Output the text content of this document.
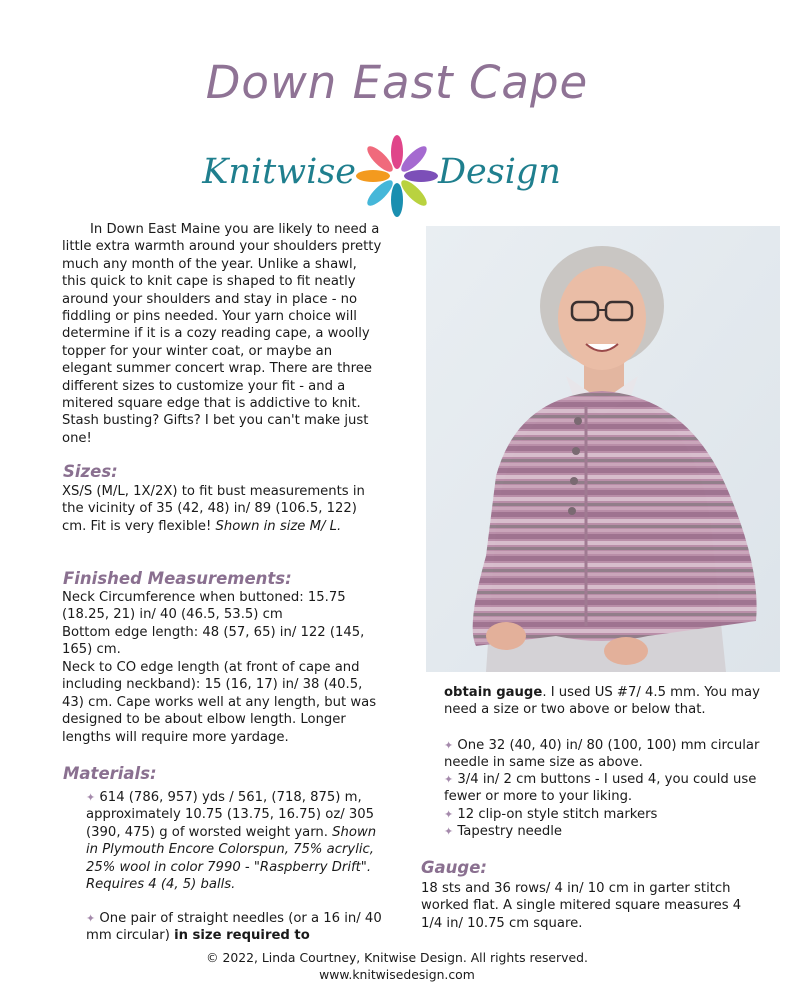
Down East Cape
Knitwise Design

In Down East Maine you are likely to need a little extra warmth around your shoulders pretty much any month of the year. Unlike a shawl, this quick to knit cape is shaped to fit neatly around your shoulders and stay in place - no fiddling or pins needed. Your yarn choice will determine if it is a cozy reading cape, a woolly topper for your winter coat, or maybe an elegant summer concert wrap. There are three different sizes to customize your fit - and a mitered square edge that is addictive to knit. Stash busting? Gifts? I bet you can't make just one!

Sizes:

XS/S (M/L, 1X/2X) to fit bust measurements in the vicinity of 35 (42, 48) in/ 89 (106.5, 122) cm. Fit is very flexible! Shown in size M/ L.

Finished Measurements:

Neck Circumference when buttoned: 15.75 (18.25, 21) in/ 40 (46.5, 53.5) cm

Bottom edge length: 48 (57, 65) in/ 122 (145, 165) cm.

Neck to CO edge length (at front of cape and including neckband): 15 (16, 17) in/ 38 (40.5, 43) cm. Cape works well at any length, but was designed to be about elbow length. Longer lengths will require more yardage.

Materials:

✦ 614 (786, 957) yds / 561, (718, 875) m, approximately 10.75 (13.75, 16.75) oz/ 305 (390, 475) g of worsted weight yarn. Shown in Plymouth Encore Colorspun, 75% acrylic, 25% wool in color 7990 - "Raspberry Drift". Requires 4 (4, 5) balls.

✦ One pair of straight needles (or a 16 in/ 40 mm circular) in size required to

obtain gauge. I used US #7/ 4.5 mm. You may need a size or two above or below that.

✦ One 32 (40, 40) in/ 80 (100, 100) mm circular needle in same size as above.

✦ 3/4 in/ 2 cm buttons - I used 4, you could use fewer or more to your liking.

✦ 12 clip-on style stitch markers

✦ Tapestry needle

Gauge:

18 sts and 36 rows/ 4 in/ 10 cm in garter stitch worked flat. A single mitered square measures 4 1/4 in/ 10.75 cm square.

© 2022, Linda Courtney, Knitwise Design. All rights reserved.

www.knitwisedesign.com
